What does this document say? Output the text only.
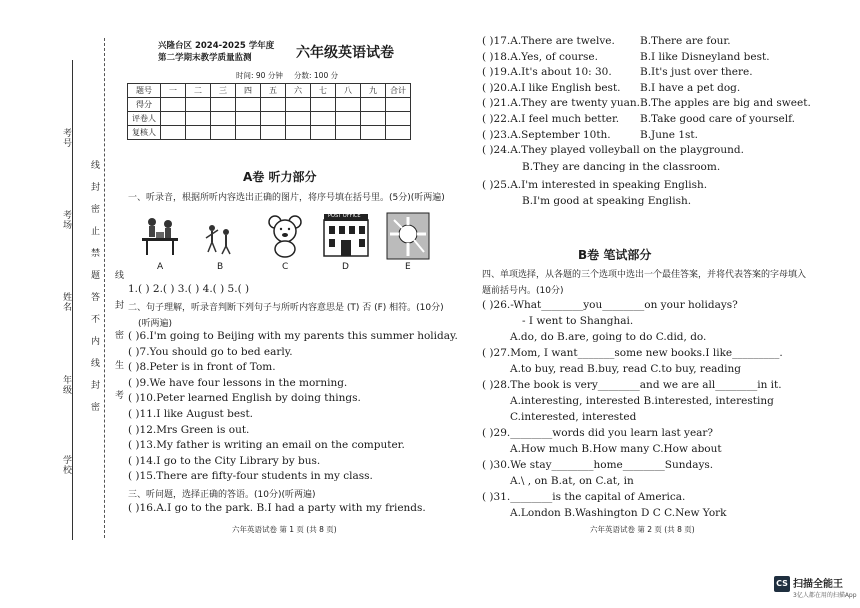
考号
考场
姓名
年级
学校
线
封
密
止
禁
题
答
不
内
线
封
密
线
封
密
生
考
兴隆台区 2024-2025 学年度
第二学期末教学质量监测	六年级英语试卷
时间: 90 分钟 分数: 100 分
题号	一	二	三	四	五	六	七	八	九	合计
得分										
评卷人										
复核人										
A卷 听力部分
一、听录音，根据所听内容选出正确的图片，将序号填在括号里。(5分)(听两遍)
A	B	C
POST OFFICE
D	E
1.( ) 2.( ) 3.( ) 4.( ) 5.( )
二、句子理解，听录音判断下列句子与所听内容意思是 (T) 否 (F) 相符。(10分)
(听两遍)
( )6.I'm going to Beijing with my parents this summer holiday.
( )7.You should go to bed early.
( )8.Peter is in front of Tom.
( )9.We have four lessons in the morning.
( )10.Peter learned English by doing things.
( )11.I like August best.
( )12.Mrs Green is out.
( )13.My father is writing an email on the computer.
( )14.I go to the City Library by bus.
( )15.There are fifty-four students in my class.
三、听问题，选择正确的答语。(10分)(听两遍)
( )16.A.I go to the park. B.I had a party with my friends.
六年英语试卷 第 1 页 (共 8 页)
( )17.A.There are twelve. B.There are four.
( )18.A.Yes, of course.	B.I like Disneyland best.
( )19.A.It's about 10: 30.	B.It's just over there.
( )20.A.I like English best. B.I have a pet dog.
( )21.A.They are twenty yuan. B.The apples are big and sweet.
( )22.A.I feel much better. B.Take good care of yourself.
( )23.A.September 10th.	B.June 1st.
( )24.A.They played volleyball on the playground.
B.They are dancing in the classroom.
( )25.A.I'm interested in speaking English.
B.I'm good at speaking English.
B卷 笔试部分
四、单项选择，从各题的三个选项中选出一个最佳答案，并将代表答案的字母填入
题前括号内。(10分)
( )26.-What________you________on your holidays?
- I went to Shanghai.
A.do, do B.are, going to do C.did, do.
( )27.Mom, I want_______some new books.I like_________.
A.to buy, read B.buy, read C.to buy, reading
( )28.The book is very________and we are all________in it.
A.interesting, interested B.interested, interesting
C.interested, interested
( )29.________words did you learn last year?
A.How much B.How many C.How about
( )30.We stay________home________Sundays.
A.\ , on B.at, on C.at, in
( )31.________is the capital of America.
A.London B.Washington D C C.New York
六年英语试卷 第 2 页 (共 8 页)
CS 扫描全能王
3亿人都在用的扫描App
